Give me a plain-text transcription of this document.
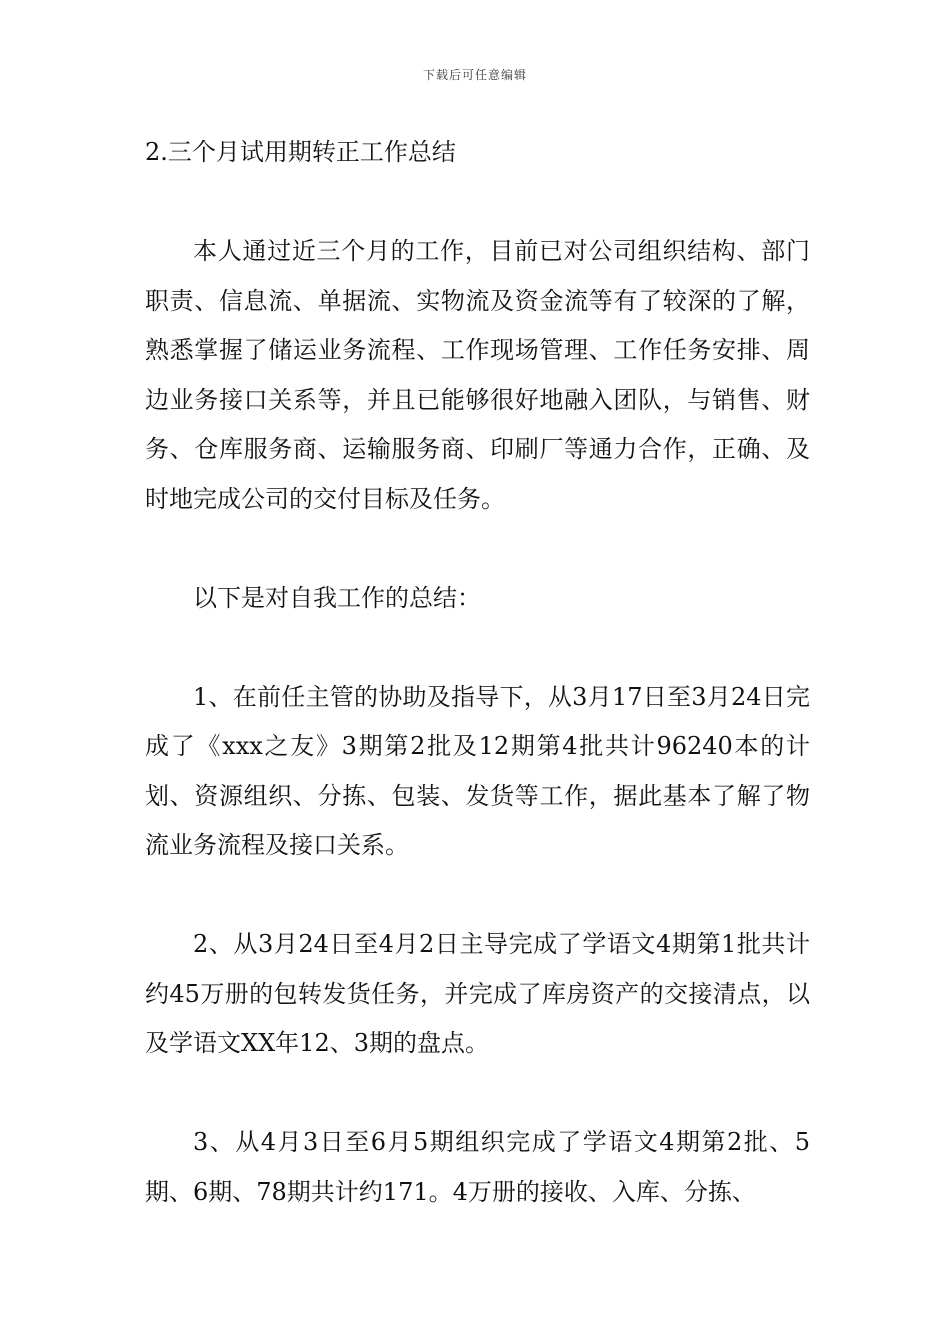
下载后可任意编辑
2.三个月试用期转正工作总结

本人通过近三个月的工作，目前已对公司组织结构、部门职责、信息流、单据流、实物流及资金流等有了较深的了解，熟悉掌握了储运业务流程、工作现场管理、工作任务安排、周边业务接口关系等，并且已能够很好地融入团队，与销售、财务、仓库服务商、运输服务商、印刷厂等通力合作，正确、及时地完成公司的交付目标及任务。

以下是对自我工作的总结：

1、在前任主管的协助及指导下，从3月17日至3月24日完成了《xxx之友》3期第2批及12期第4批共计96240本的计划、资源组织、分拣、包装、发货等工作，据此基本了解了物流业务流程及接口关系。

2、从3月24日至4月2日主导完成了学语文4期第1批共计约45万册的包转发货任务，并完成了库房资产的交接清点，以及学语文XX年12、3期的盘点。

3、从4月3日至6月5期组织完成了学语文4期第2批、5期、6期、78期共计约171。4万册的接收、入库、分拣、
